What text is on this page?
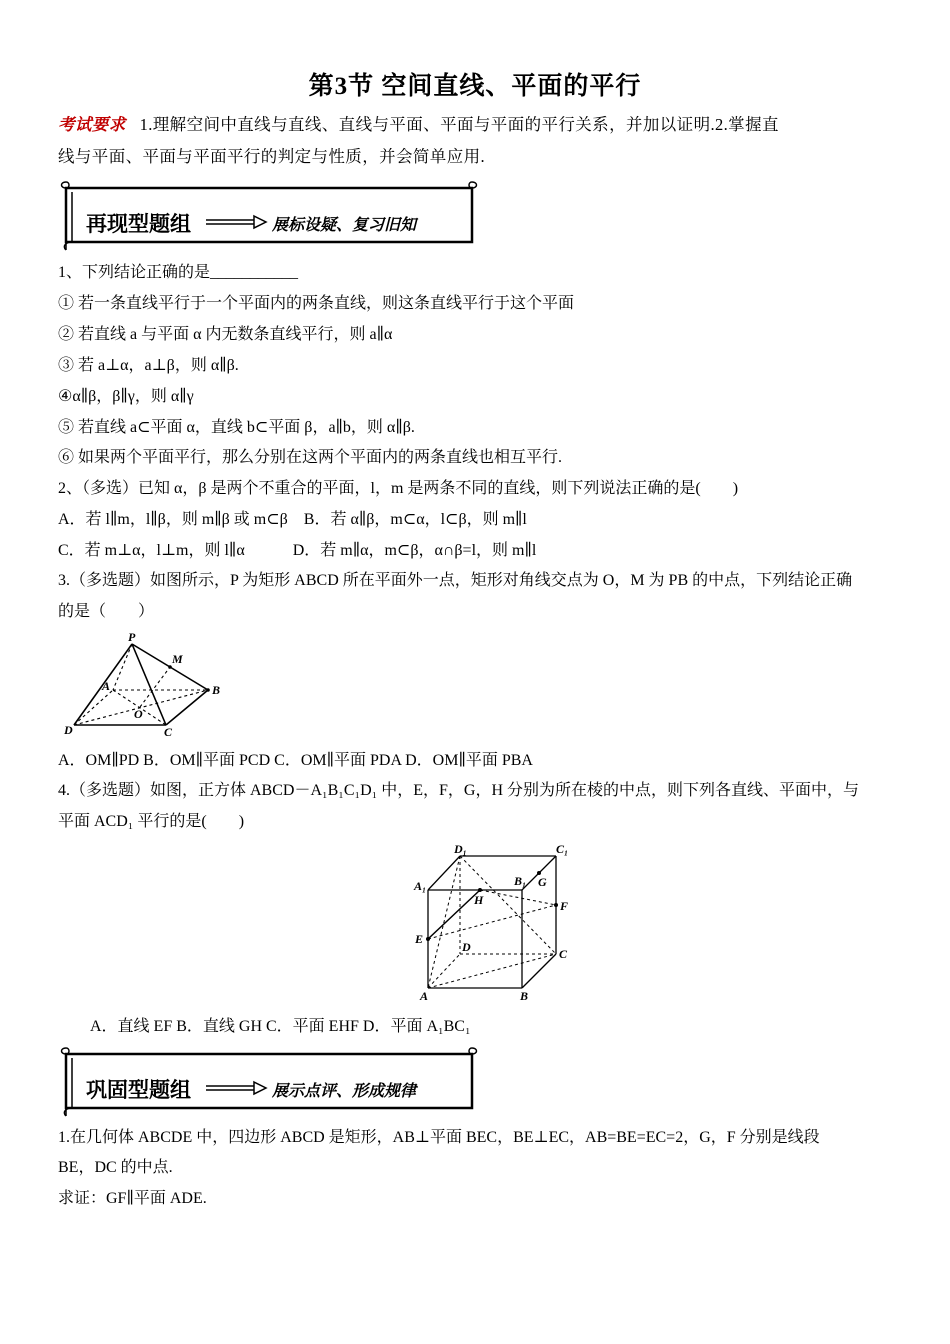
第3节 空间直线、平面的平行
考试要求 1.理解空间中直线与直线、直线与平面、平面与平面的平行关系，并加以证明.2.掌握直
线与平面、平面与平面平行的判定与性质，并会简单应用.
再现型题组	展标设疑、复习旧知
1、下列结论正确的是___________
① 若一条直线平行于一个平面内的两条直线，则这条直线平行于这个平面
② 若直线 a 与平面 α 内无数条直线平行，则 a∥α
③ 若 a⊥α，a⊥β，则 α∥β.
④α∥β，β∥γ，则 α∥γ
⑤ 若直线 a⊂平面 α，直线 b⊂平面 β，a∥b，则 α∥β.
⑥ 如果两个平面平行，那么分别在这两个平面内的两条直线也相互平行.
2、（多选）已知 α，β 是两个不重合的平面，l，m 是两条不同的直线，则下列说法正确的是(　　)
A．若 l∥m，l∥β，则 m∥β 或 m⊂β　B．若 α∥β，m⊂α，l⊂β，则 m∥l
C．若 m⊥α，l⊥m，则 l∥α　　　D．若 m∥α，m⊂β，α∩β=l，则 m∥l
3.（多选题）如图所示，P 为矩形 ABCD 所在平面外一点，矩形对角线交点为 O，M 为 PB 的中点，下列结论正确
的是（　　）
P
M
A	B
O
D	C
A．OM∥PD B．OM∥平面 PCD C．OM∥平面 PDA D．OM∥平面 PBA
4.（多选题）如图，正方体 ABCD－A₁B₁C₁D₁ 中，E，F，G，H 分别为所在棱的中点，则下列各直线、平面中，与
平面 ACD₁ 平行的是(　　)
D₁	C₁
A₁	B₁ G
H	F
E
D	C
A	B
A．直线 EF B．直线 GH C．平面 EHF D．平面 A₁BC₁
巩固型题组	展示点评、形成规律
1.在几何体 ABCDE 中，四边形 ABCD 是矩形，AB⊥平面 BEC，BE⊥EC，AB=BE=EC=2，G，F 分别是线段
BE，DC 的中点.
求证：GF∥平面 ADE.
